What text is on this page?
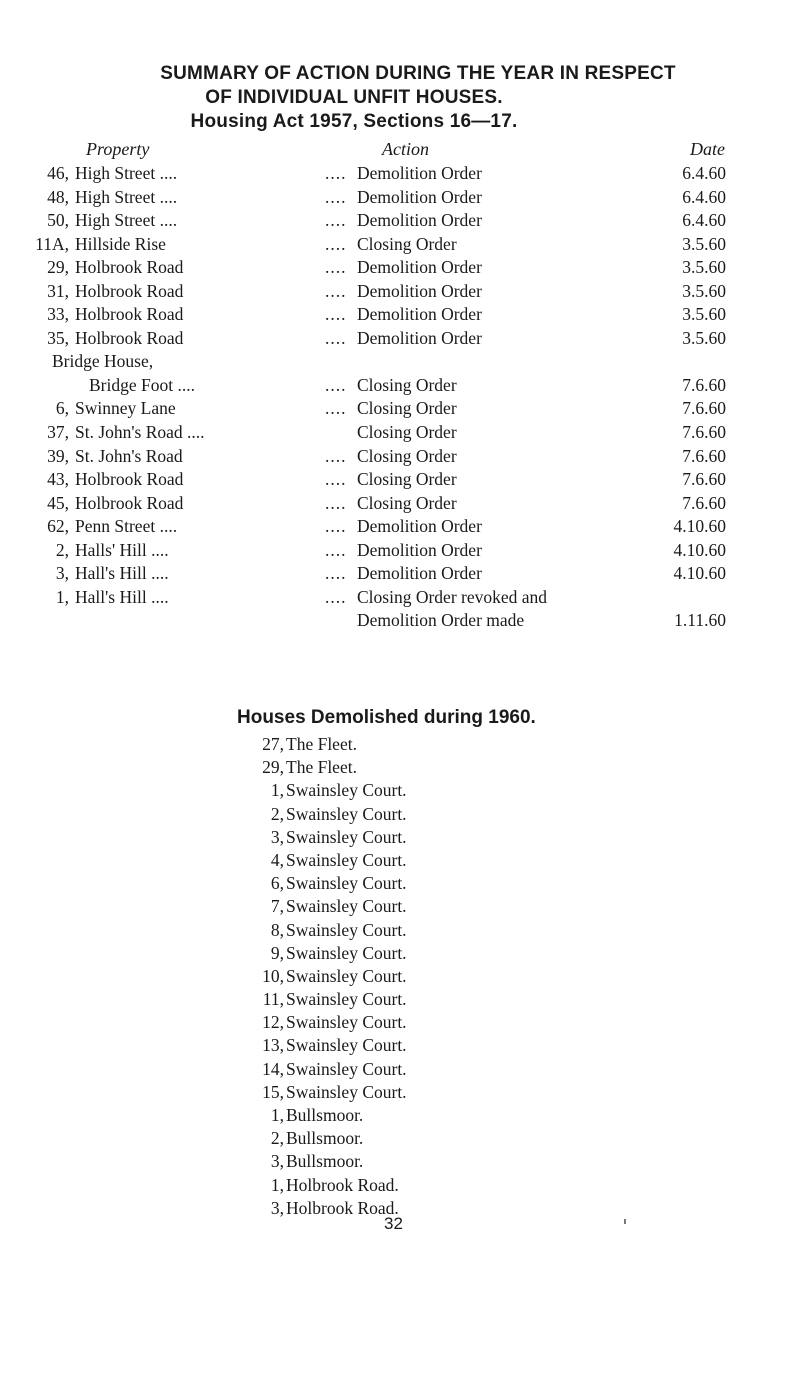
SUMMARY OF ACTION DURING THE YEAR IN RESPECT
OF INDIVIDUAL UNFIT HOUSES.
Housing Act 1957, Sections 16—17.
Property	Action	Date
46, High Street ....	.... Demolition Order	6.4.60
48, High Street ....	.... Demolition Order	6.4.60
50, High Street ....	.... Demolition Order	6.4.60
11A, Hillside Rise	.... Closing Order	3.5.60
29, Holbrook Road	.... Demolition Order	3.5.60
31, Holbrook Road	.... Demolition Order	3.5.60
33, Holbrook Road	.... Demolition Order	3.5.60
35, Holbrook Road	.... Demolition Order	3.5.60
Bridge House,
Bridge Foot ....	.... Closing Order	7.6.60
6, Swinney Lane	.... Closing Order	7.6.60
37, St. John's Road ....	Closing Order	7.6.60
39, St. John's Road	.... Closing Order	7.6.60
43, Holbrook Road	.... Closing Order	7.6.60
45, Holbrook Road	.... Closing Order	7.6.60
62, Penn Street ....	.... Demolition Order	4.10.60
2, Halls' Hill ....	.... Demolition Order	4.10.60
3, Hall's Hill ....	.... Demolition Order	4.10.60
1, Hall's Hill ....	.... Closing Order revoked and
Demolition Order made	1.11.60
Houses Demolished during 1960.
27, The Fleet.
29, The Fleet.
1, Swainsley Court.
2, Swainsley Court.
3, Swainsley Court.
4, Swainsley Court.
6, Swainsley Court.
7, Swainsley Court.
8, Swainsley Court.
9, Swainsley Court.
10, Swainsley Court.
11, Swainsley Court.
12, Swainsley Court.
13, Swainsley Court.
14, Swainsley Court.
15, Swainsley Court.
1, Bullsmoor.
2, Bullsmoor.
3, Bullsmoor.
1, Holbrook Road.
3, Holbrook Road.
32
